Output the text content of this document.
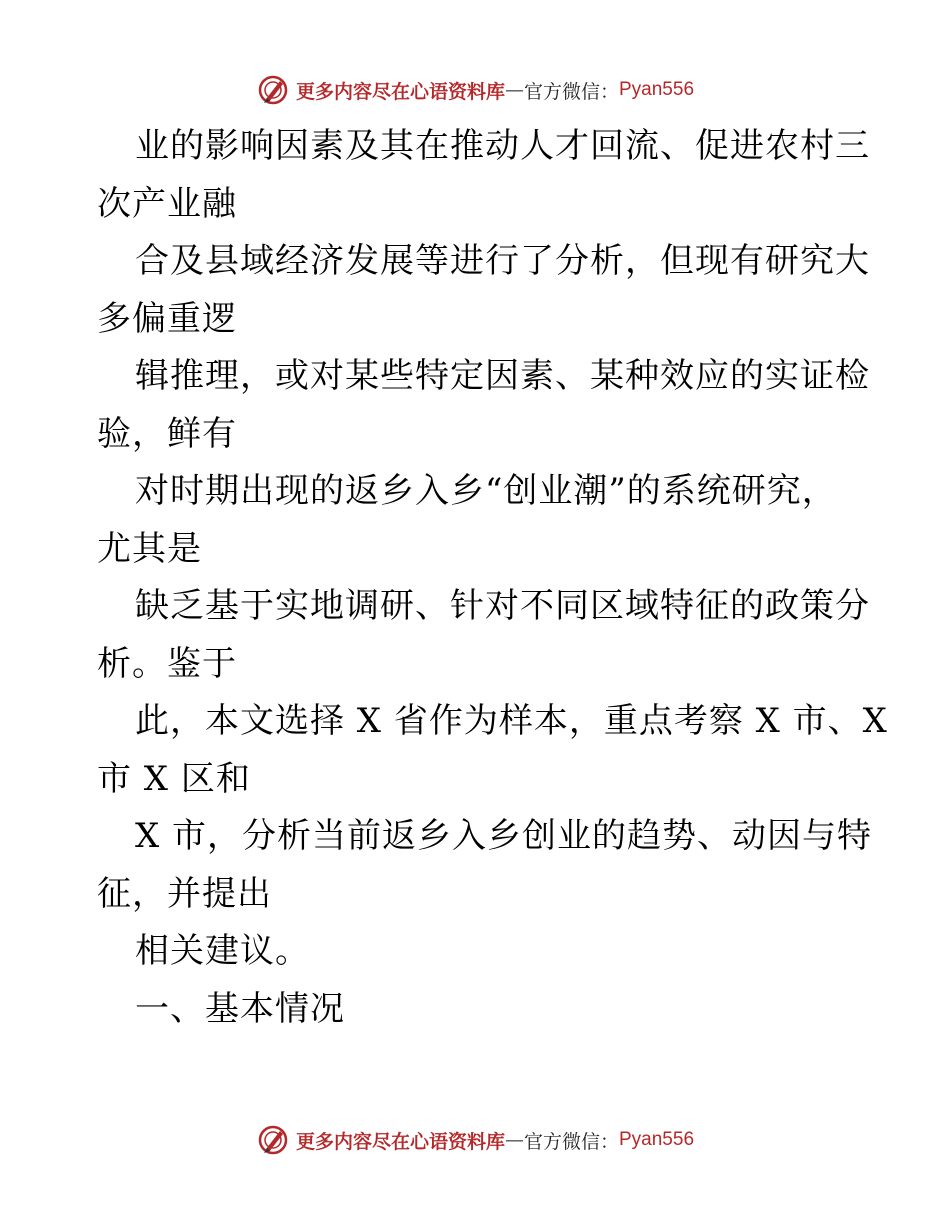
更多内容尽在心语资料库 — 官方微信： Pyan556

业的影响因素及其在推动人才回流、促进农村三
次产业融

合及县域经济发展等进行了分析，但现有研究大
多偏重逻

辑推理，或对某些特定因素、某种效应的实证检
验，鲜有

对时期出现的返乡入乡“创业潮”的系统研究，
尤其是

缺乏基于实地调研、针对不同区域特征的政策分
析。鉴于

此，本文选择 X 省作为样本，重点考察 X 市、X
市 X 区和

X 市，分析当前返乡入乡创业的趋势、动因与特
征，并提出

相关建议。

一、基本情况

更多内容尽在心语资料库 — 官方微信： Pyan556
